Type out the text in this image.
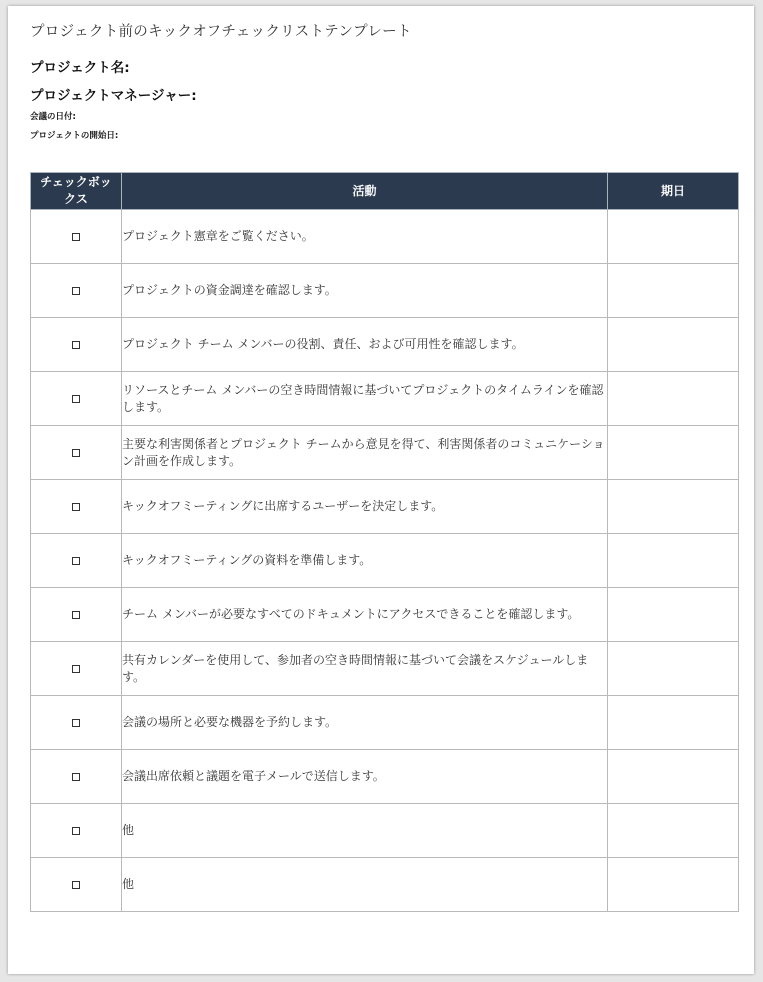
プロジェクト前のキックオフチェックリストテンプレート
プロジェクト名:
プロジェクトマネージャー:
会議の日付:
プロジェクトの開始日:
チェックボックス	活動	期日
	プロジェクト憲章をご覧ください。	
	プロジェクトの資金調達を確認します。	
	プロジェクト チーム メンバーの役割、責任、および可用性を確認します。	
	リソースとチーム メンバーの空き時間情報に基づいてプロジェクトのタイムラインを確認します。	
	主要な利害関係者とプロジェクト チームから意見を得て、利害関係者のコミュニケーション計画を作成します。	
	キックオフミーティングに出席するユーザーを決定します。	
	キックオフミーティングの資料を準備します。	
	チーム メンバーが必要なすべてのドキュメントにアクセスできることを確認します。	
	共有カレンダーを使用して、参加者の空き時間情報に基づいて会議をスケジュールします。	
	会議の場所と必要な機器を予約します。	
	会議出席依頼と議題を電子メールで送信します。	
	他	
	他	
